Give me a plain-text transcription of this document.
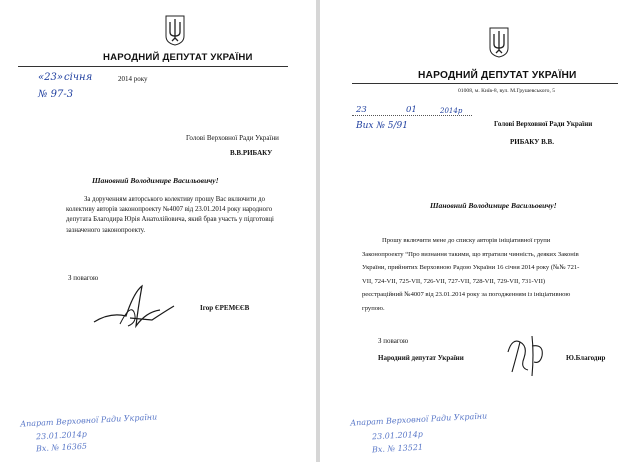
НАРОДНИЙ ДЕПУТАТ УКРАЇНИ
«23» січня	2014 року
№ 97-3
Голові Верховної Ради України
В.В.РИБАКУ
Шановний Володимире Васильовичу!
За дорученням авторського колективу прошу Вас включити до
колективу авторів законопроекту №4007 від 23.01.2014 року народного
депутата Благодира Юрія Анатолійовича, який брав участь у підготовці
зазначеного законопроекту.
З повагою
Ігор ЄРЕМЄЄВ
Апарат Верховної Ради України
23.01.2014р
Вх. № 16365
НАРОДНИЙ ДЕПУТАТ УКРАЇНИ
01008, м. Київ-8, вул. М.Грушевського, 5
23	01	2014р
Вих № 5/91	Голові Верховної Ради України
РИБАКУ В.В.
Шановний Володимире Васильовичу!
Прошу включити мене до списку авторів ініціативної групи
Законопроекту “Про визнання такими, що втратили чинність, деяких Законів
України, прийнятих Верховною Радою України 16 січня 2014 року (№№ 721-
VII, 724-VII, 725-VII, 726-VII, 727-VII, 728-VII, 729-VII, 731-VII)
реєстраційний №4007 від 23.01.2014 року за погодженням із ініціативною
групою.
З повагою
Народний депутат України	Ю.Благодир
Апарат Верховної Ради України
23.01.2014р
Вх. № 13521
